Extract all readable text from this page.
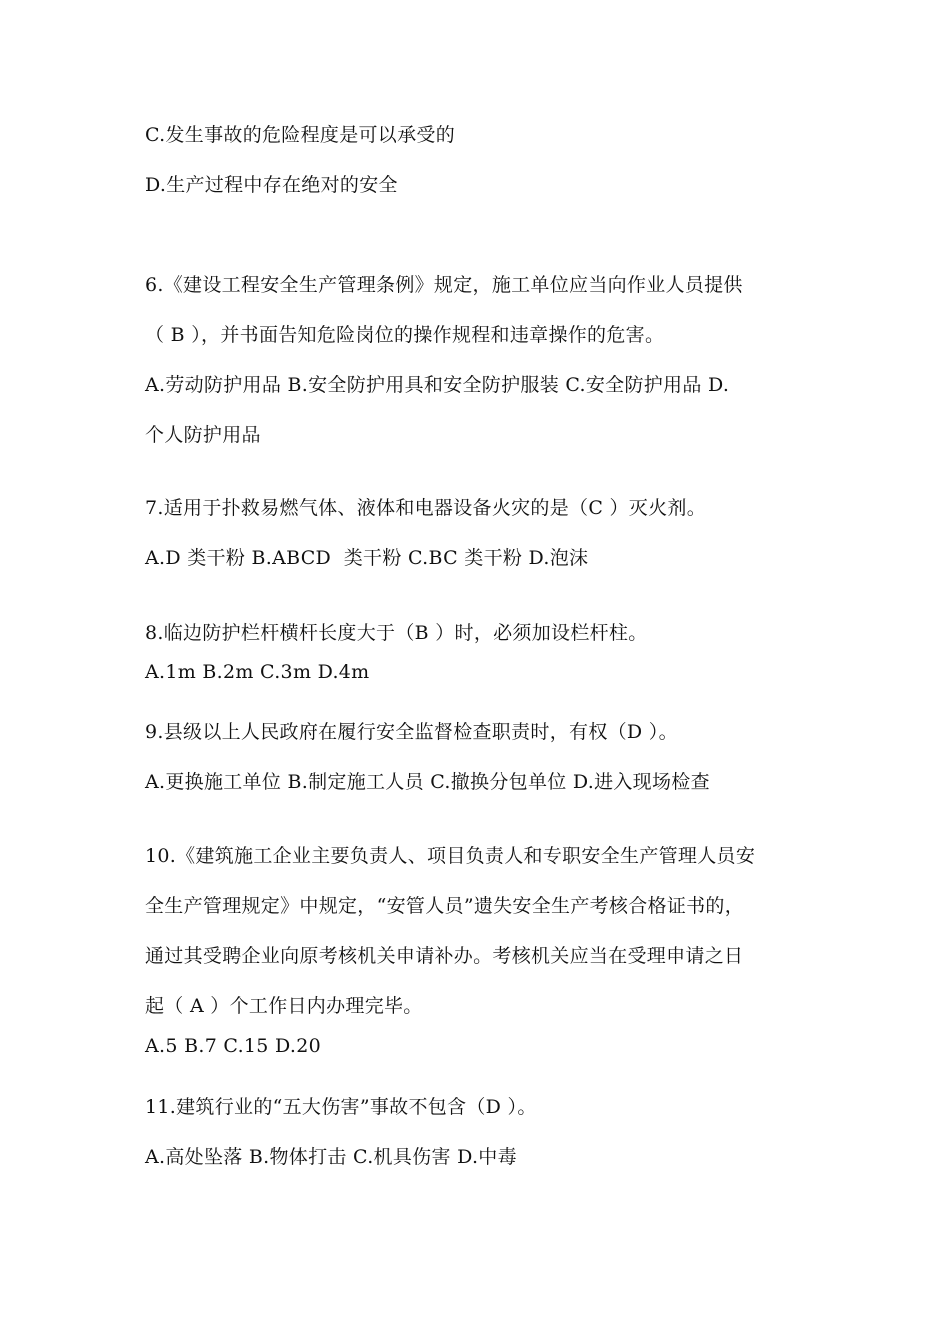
C.发生事故的危险程度是可以承受的

D.生产过程中存在绝对的安全

6.《建设工程安全生产管理条例》规定，施工单位应当向作业人员提供

（ B ），并书面告知危险岗位的操作规程和违章操作的危害。

A.劳动防护用品 B.安全防护用具和安全防护服装 C.安全防护用品 D.

个人防护用品

7.适用于扑救易燃气体、液体和电器设备火灾的是（C ）灭火剂。

A.D 类干粉 B.ABCD  类干粉 C.BC 类干粉 D.泡沫

8.临边防护栏杆横杆长度大于（B ）时，必须加设栏杆柱。

A.1m B.2m C.3m D.4m

9.县级以上人民政府在履行安全监督检查职责时，有权（D ）。

A.更换施工单位 B.制定施工人员 C.撤换分包单位 D.进入现场检查

10.《建筑施工企业主要负责人、项目负责人和专职安全生产管理人员安

全生产管理规定》中规定，“安管人员”遗失安全生产考核合格证书的，

通过其受聘企业向原考核机关申请补办。考核机关应当在受理申请之日

起（ A ）个工作日内办理完毕。

A.5 B.7 C.15 D.20

11.建筑行业的“五大伤害”事故不包含（D ）。

A.高处坠落 B.物体打击 C.机具伤害 D.中毒
